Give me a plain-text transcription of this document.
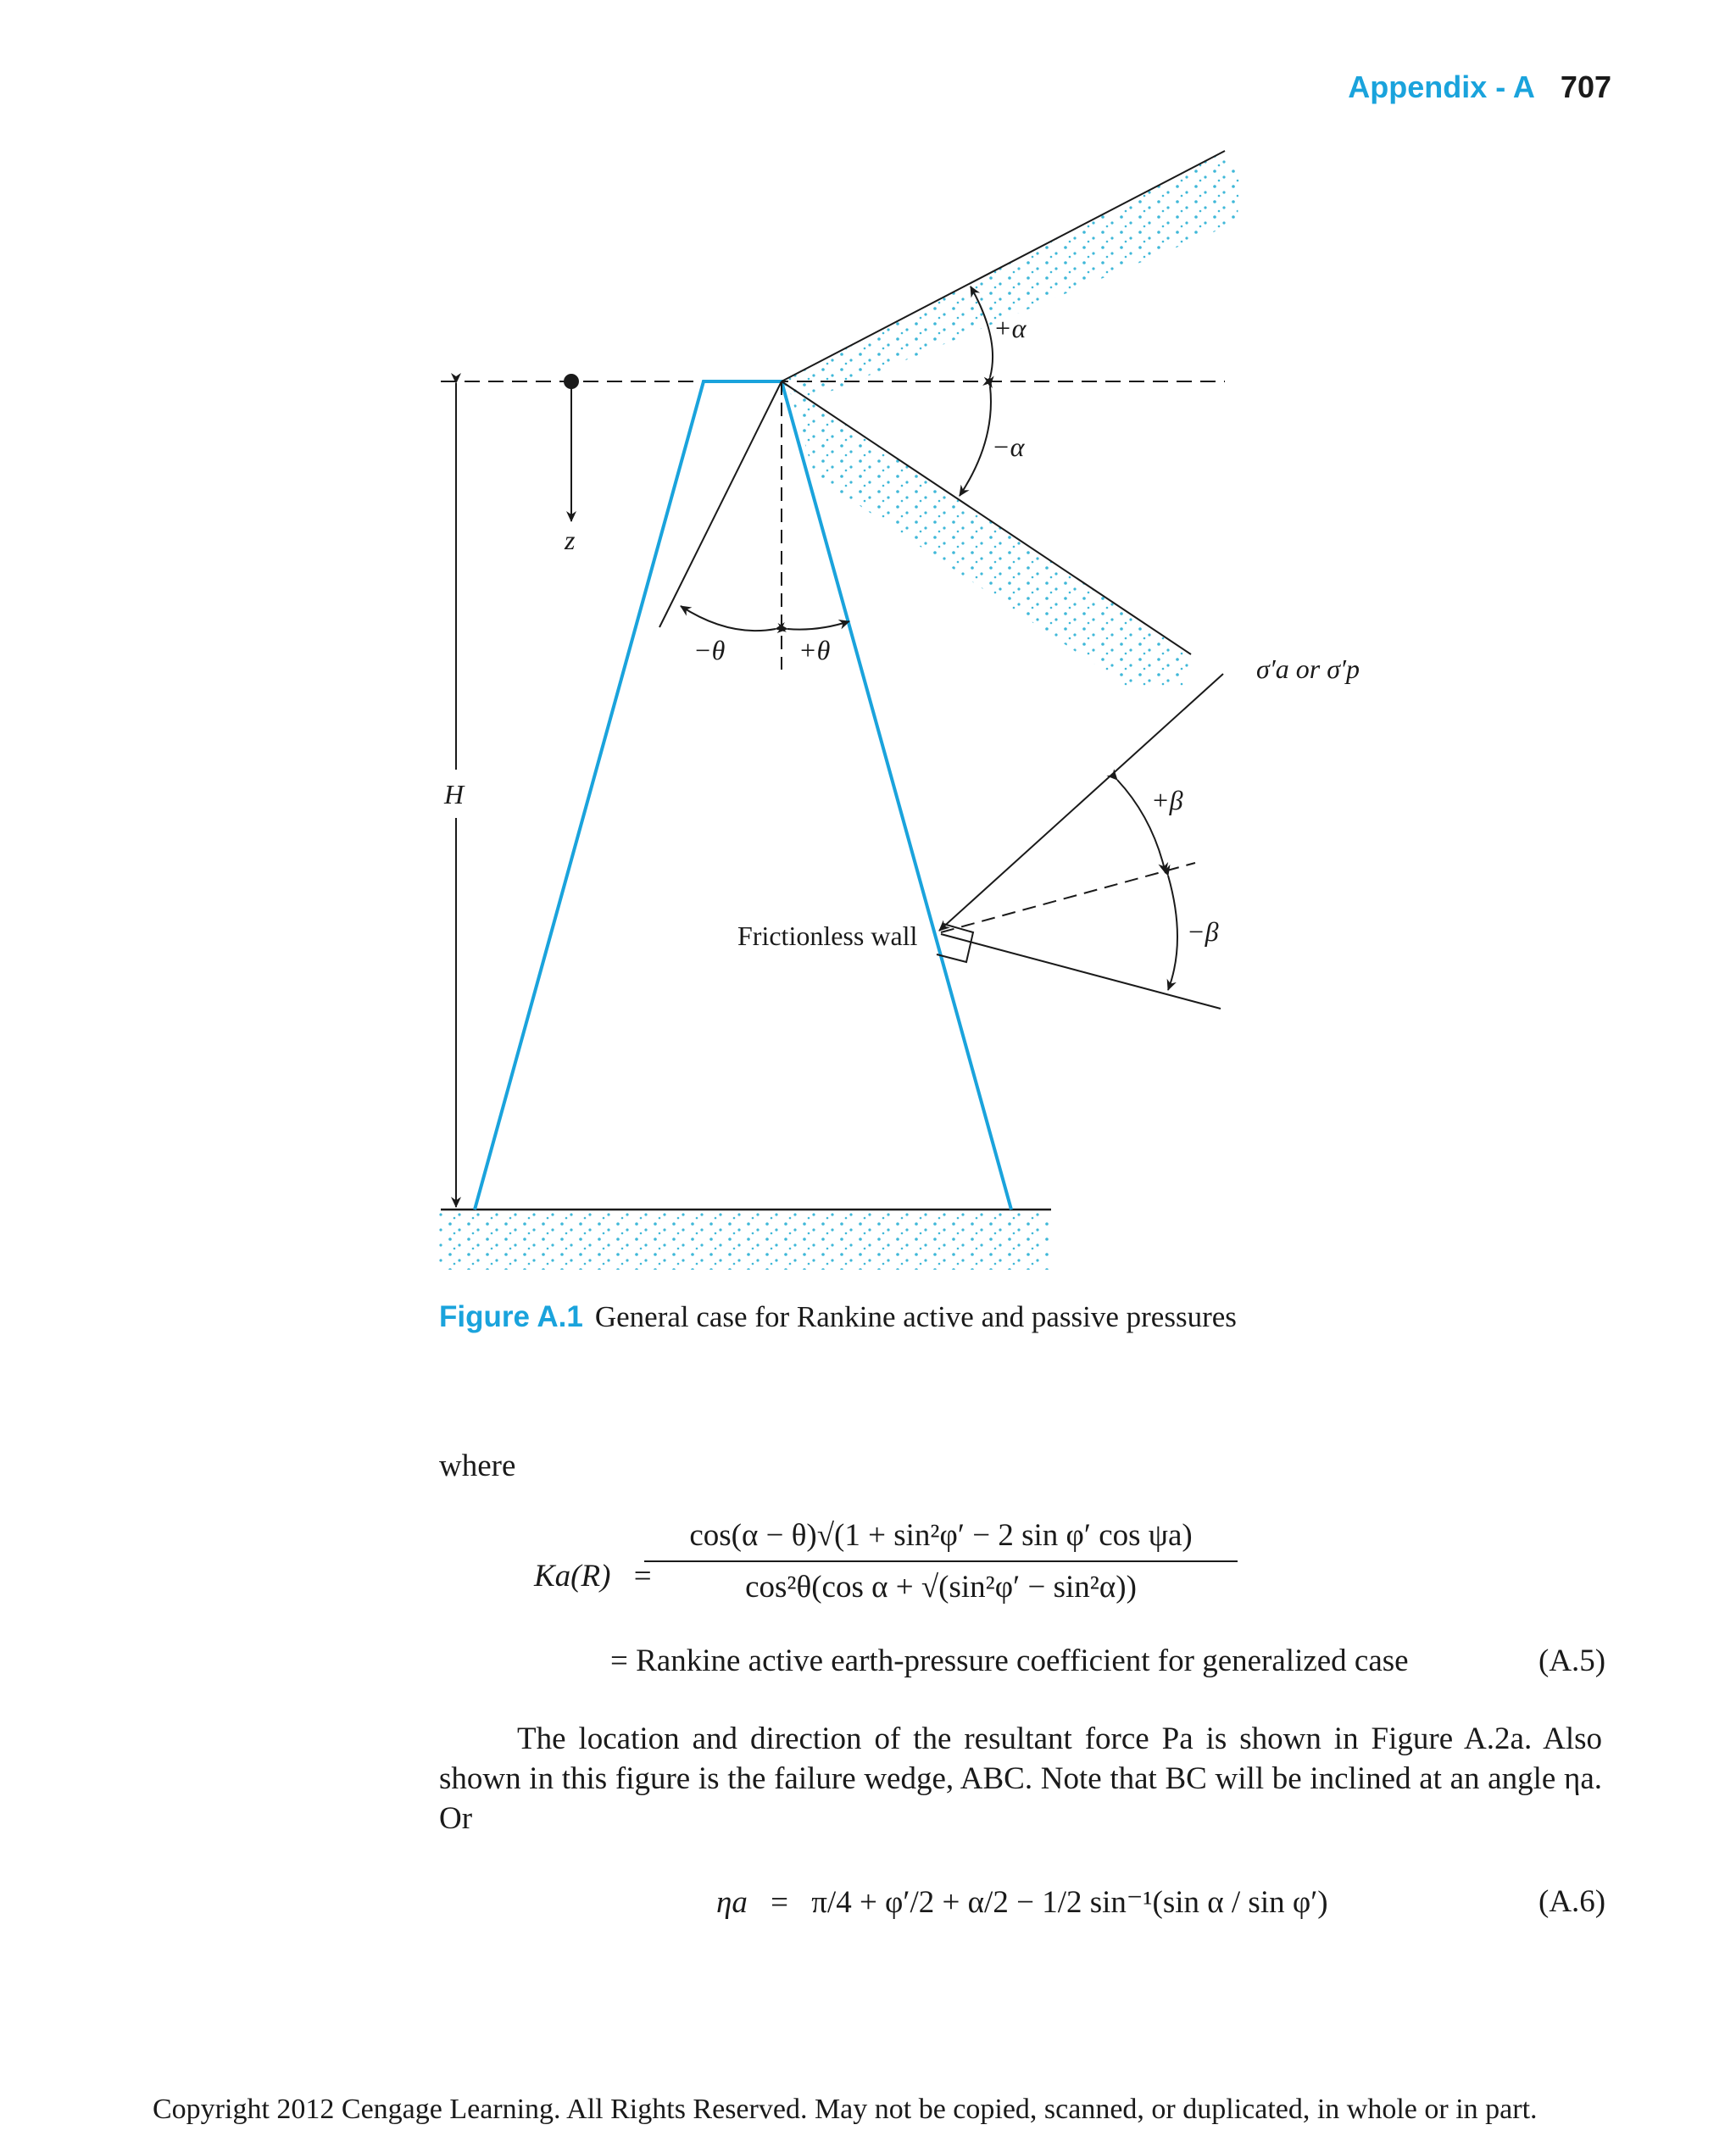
Appendix - A 707
+α
−α
z
−θ	+θ
H
σ′a or σ′p
+β
−β
Frictionless wall
Figure A.1 General case for Rankine active and passive pressures
where
Ka(R) =
cos(α − θ)√(1 + sin²φ′ − 2 sin φ′ cos ψa)
cos²θ(cos α + √(sin²φ′ − sin²α))
= Rankine active earth-pressure coefficient for generalized case	(A.5)
The location and direction of the resultant force Pa is shown in Figure A.2a. Also shown in this figure is the failure wedge, ABC. Note that BC will be inclined at an angle ηa. Or
ηa = π/4 + φ′/2 + α/2 − 1/2 sin⁻¹(sin α / sin φ′)	(A.6)
Copyright 2012 Cengage Learning. All Rights Reserved. May not be copied, scanned, or duplicated, in whole or in part.
